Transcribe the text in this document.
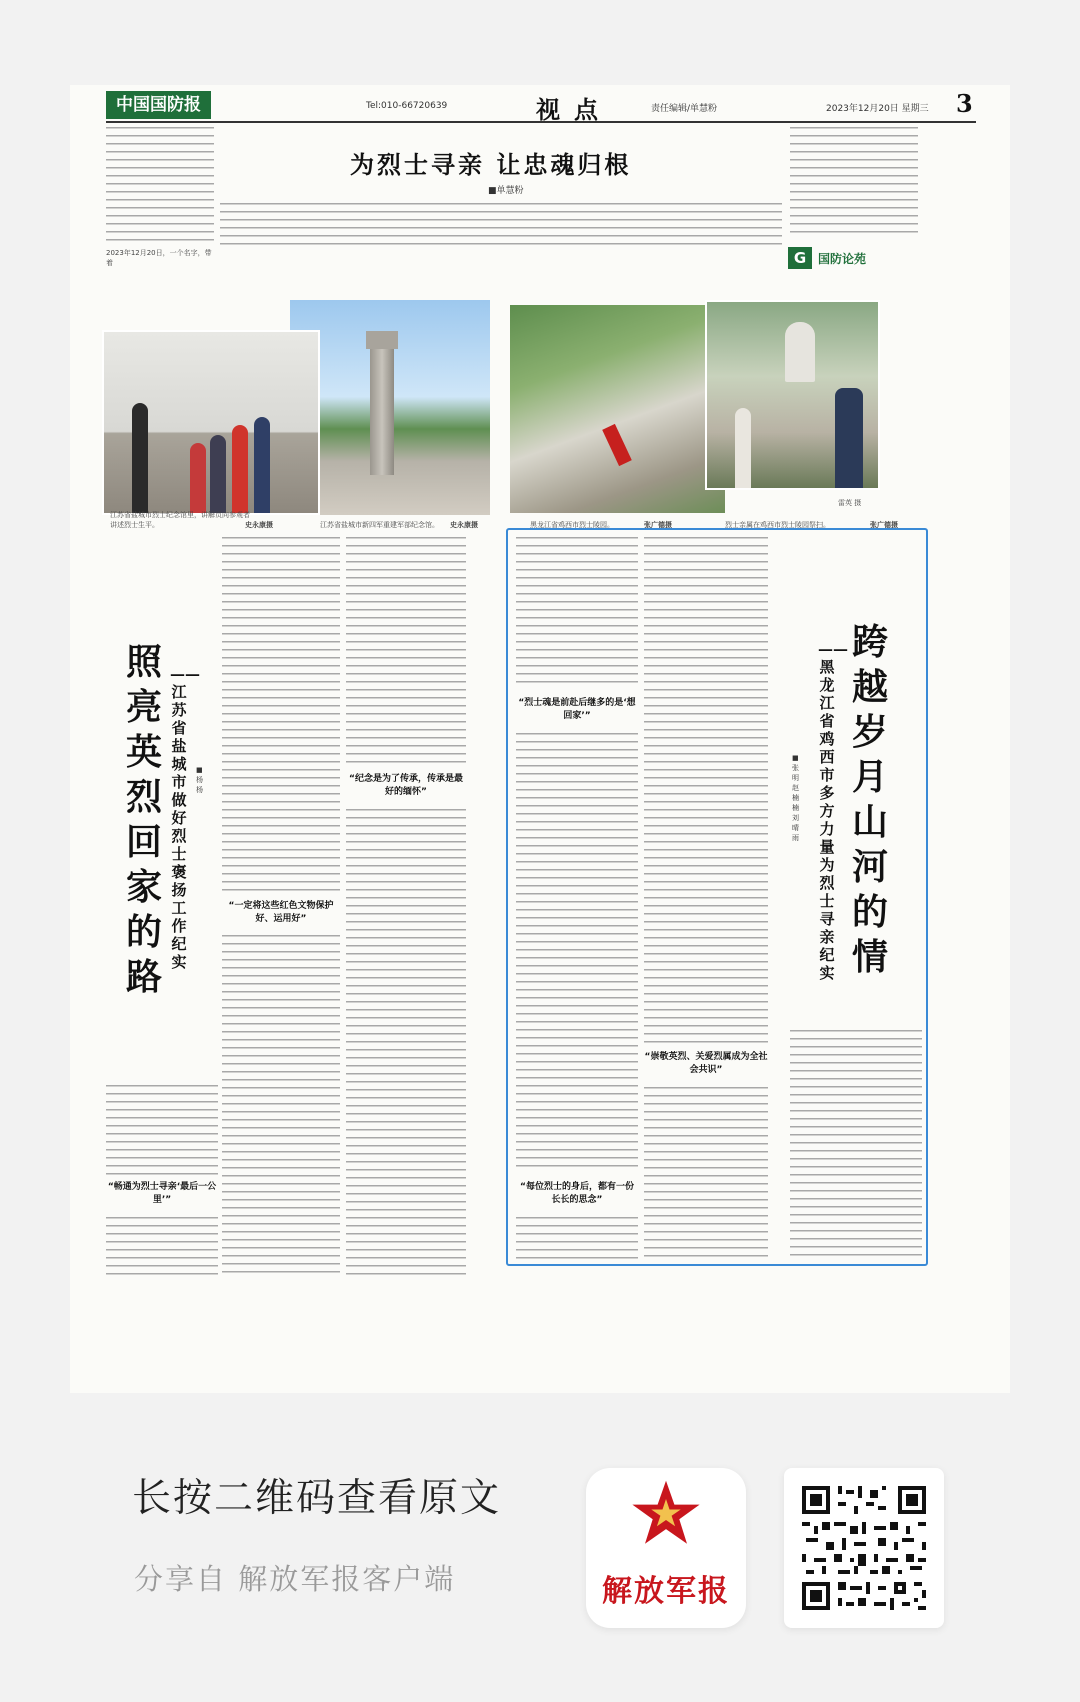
中国国防报	Tel:010-66720639	视点	责任编辑/单慧粉	2023年12月20日 星期三 3
2023年12月20日，一个名字，带着
为烈士寻亲 让忠魂归根
■单慧粉
G 国防论苑
江苏省盐城市烈士纪念馆里，讲解员向参观者讲述烈士生平。	史永康摄	江苏省盐城市新四军重建军部纪念馆。	史永康摄	黑龙江省鸡西市烈士陵园。	张广德摄	烈士亲属在鸡西市烈士陵园祭扫。	张广德摄
雷英 摄
照亮英烈回家的路
——江苏省盐城市做好烈士褒扬工作纪实
■杨杨
“畅通为烈士寻亲‘最后一公里’”
“一定将这些红色文物保护好、运用好”
“纪念是为了传承，传承是最好的缅怀”
“烈士魂是前赴后继多的是‘想回家’”
“每位烈士的身后，都有一份长长的思念”
“崇敬英烈、关爱烈属成为全社会共识”
——黑龙江省鸡西市多方力量为烈士寻亲纪实
跨越岁月山河的情
■张明 赵楠楠 刘晴雨
长按二维码查看原文
分享自 解放军报客户端	解放军报
